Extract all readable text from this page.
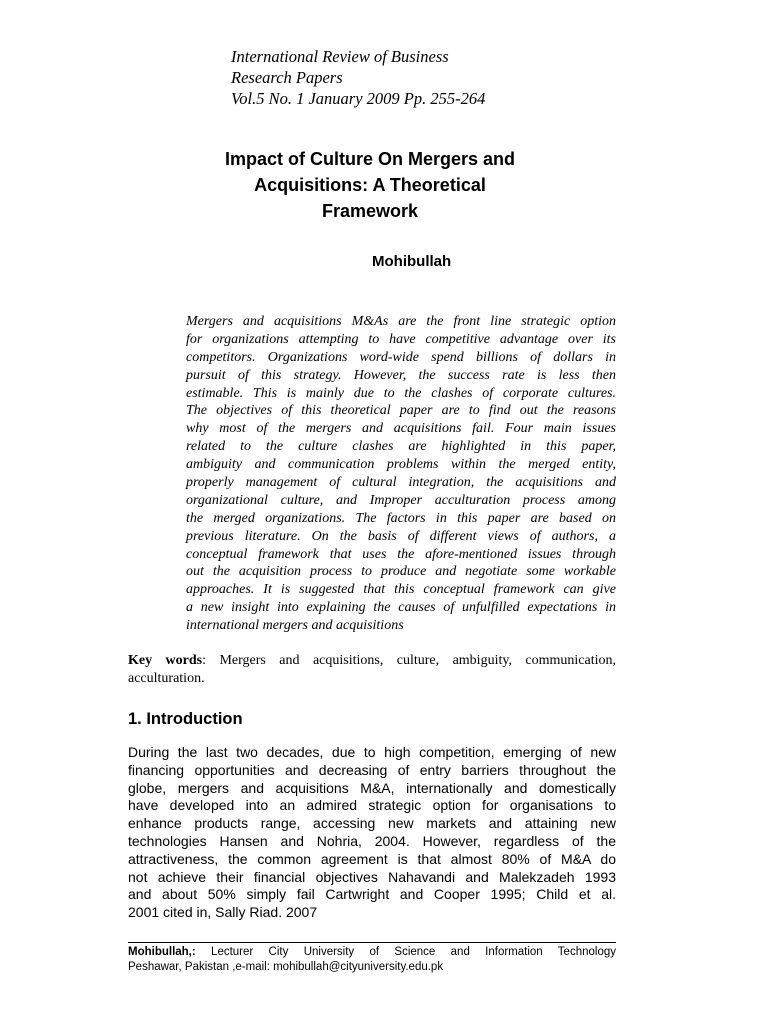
International Review of Business
Research Papers
Vol.5 No. 1 January 2009 Pp. 255-264
Impact of Culture On Mergers and
Acquisitions: A Theoretical
Framework
Mohibullah
Mergers and acquisitions M&As are the front line strategic option
for organizations attempting to have competitive advantage over its
competitors. Organizations word-wide spend billions of dollars in
pursuit of this strategy. However, the success rate is less then
estimable. This is mainly due to the clashes of corporate cultures.
The objectives of this theoretical paper are to find out the reasons
why most of the mergers and acquisitions fail. Four main issues
related to the culture clashes are highlighted in this paper,
ambiguity and communication problems within the merged entity,
properly management of cultural integration, the acquisitions and
organizational culture, and Improper acculturation process among
the merged organizations. The factors in this paper are based on
previous literature. On the basis of different views of authors, a
conceptual framework that uses the afore-mentioned issues through
out the acquisition process to produce and negotiate some workable
approaches. It is suggested that this conceptual framework can give
a new insight into explaining the causes of unfulfilled expectations in
international mergers and acquisitions
Key words: Mergers and acquisitions, culture, ambiguity, communication,
acculturation.
1. Introduction
During the last two decades, due to high competition, emerging of new
financing opportunities and decreasing of entry barriers throughout the
globe, mergers and acquisitions M&A, internationally and domestically
have developed into an admired strategic option for organisations to
enhance products range, accessing new markets and attaining new
technologies Hansen and Nohria, 2004. However, regardless of the
attractiveness, the common agreement is that almost 80% of M&A do
not achieve their financial objectives Nahavandi and Malekzadeh 1993
and about 50% simply fail Cartwright and Cooper 1995; Child et al.
2001 cited in, Sally Riad. 2007
Mohibullah,: Lecturer City University of Science and Information Technology
Peshawar, Pakistan ,e-mail: mohibullah@cityuniversity.edu.pk
